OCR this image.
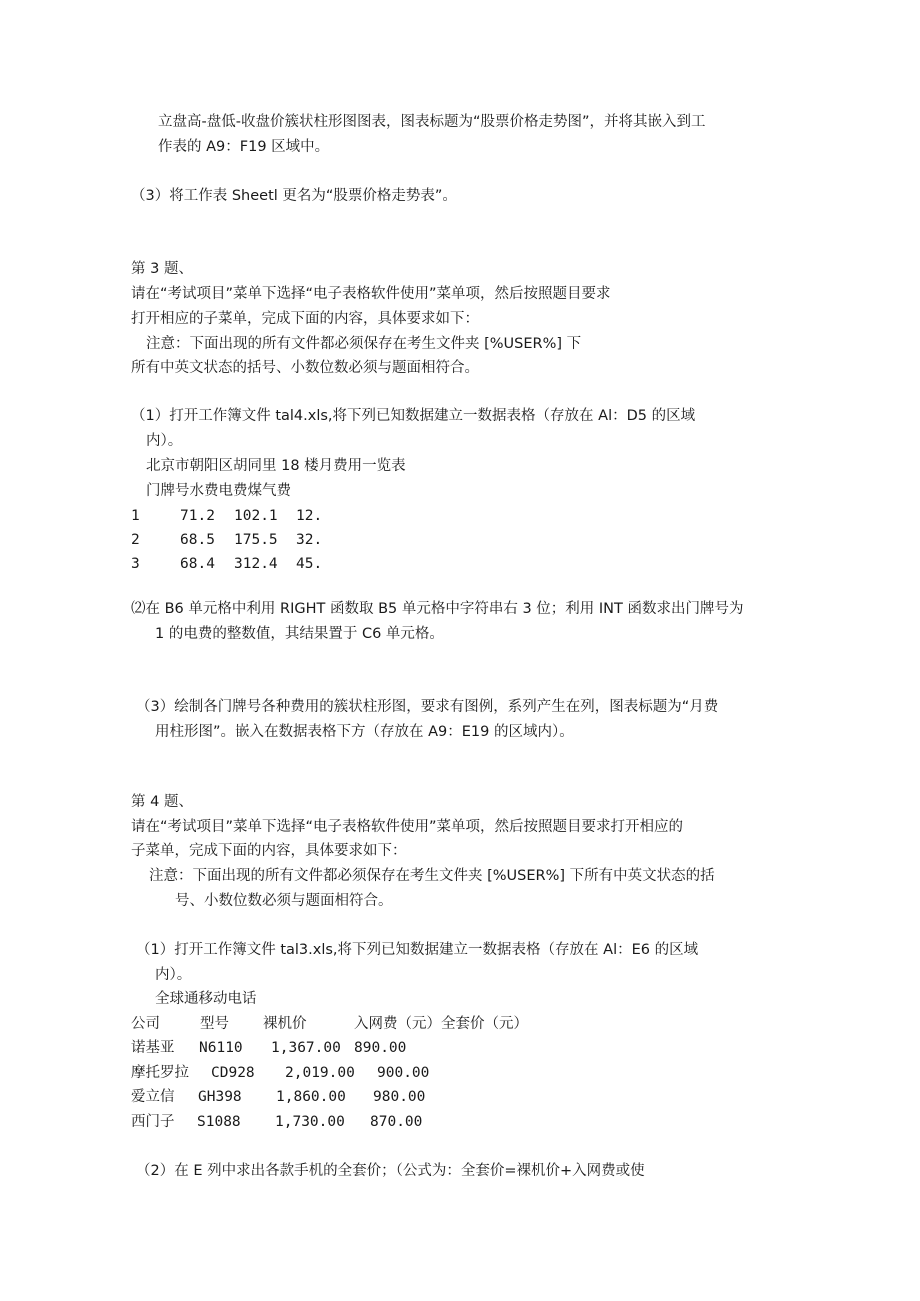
立盘高-盘低-收盘价簇状柱形图图表，图表标题为“股票价格走势图”，并将其嵌入到工
作表的 A9：F19 区域中。
（3）将工作表 Sheetl 更名为“股票价格走势表”。
第 3 题、
请在“考试项目”菜单下选择“电子表格软件使用”菜单项，然后按照题目要求
打开相应的子菜单，完成下面的内容，具体要求如下：
注意：下面出现的所有文件都必须保存在考生文件夹 [%USER%] 下
所有中英文状态的括号、小数位数必须与题面相符合。
（1）打开工作簿文件 tal4.xls,将下列已知数据建立一数据表格（存放在 Al：D5 的区域
内）。
北京市朝阳区胡同里 18 楼月费用一览表
门牌号水费电费煤气费
1	71.2 102.1 12.
2	68.5 175.5 32.
3	68.4 312.4 45.
⑵在 B6 单元格中利用 RIGHT 函数取 B5 单元格中字符串右 3 位；利用 INT 函数求出门牌号为
1 的电费的整数值，其结果置于 C6 单元格。
（3）绘制各门牌号各种费用的簇状柱形图，要求有图例，系列产生在列，图表标题为“月费
用柱形图”。嵌入在数据表格下方（存放在 A9：E19 的区域内）。
第 4 题、
请在“考试项目”菜单下选择“电子表格软件使用”菜单项，然后按照题目要求打开相应的
子菜单，完成下面的内容，具体要求如下：
注意：下面出现的所有文件都必须保存在考生文件夹 [%USER%] 下所有中英文状态的括
号、小数位数必须与题面相符合。
（1）打开工作簿文件 tal3.xls,将下列已知数据建立一数据表格（存放在 Al：E6 的区域
内）。
全球通移动电话
公司	型号 裸机价	入网费（元）全套价（元）
诺基亚 N6110 1,367.00 890.00
摩托罗拉 CD928 2,019.00 900.00
爱立信 GH398 1,860.00 980.00
西门子 S1088 1,730.00 870.00
（2）在 E 列中求出各款手机的全套价；（公式为：全套价=裸机价+入网费或使
